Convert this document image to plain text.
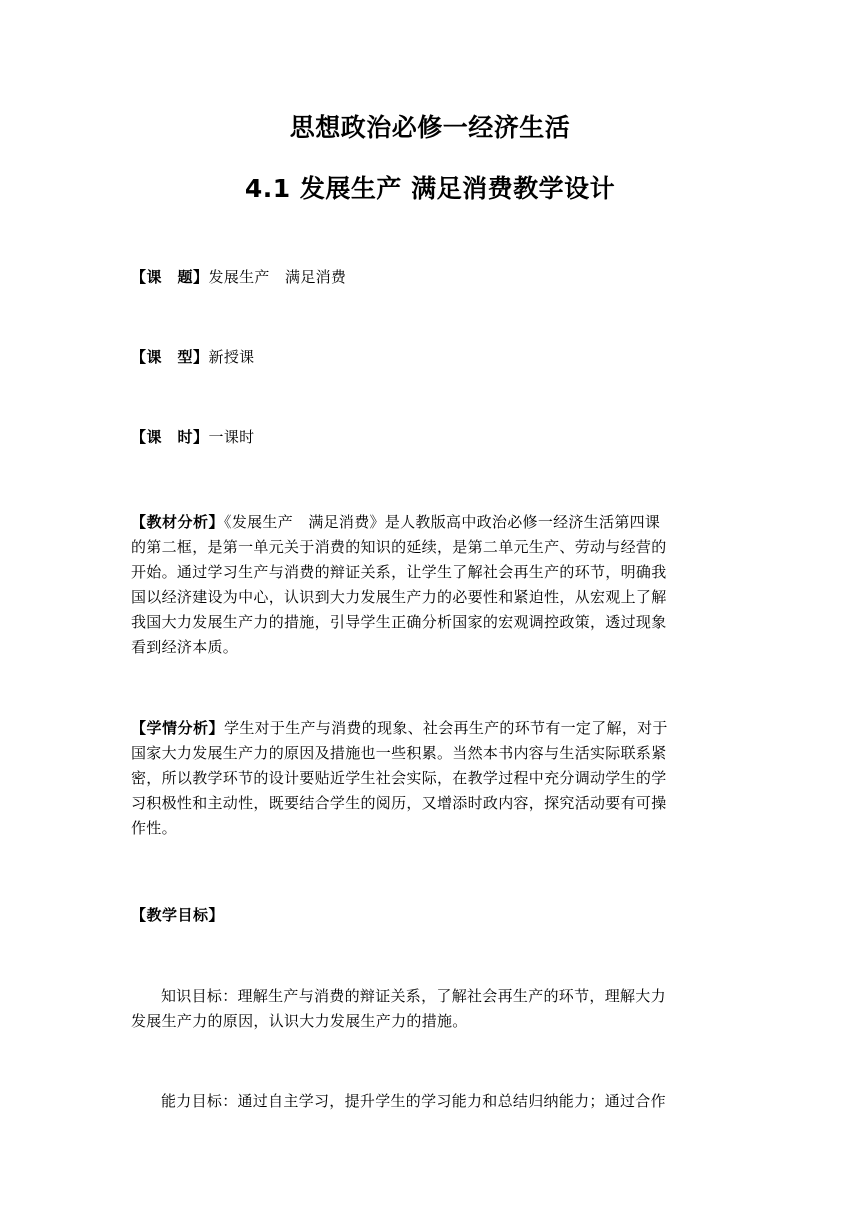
思想政治必修一经济生活
4.1 发展生产 满足消费教学设计
【课　题】发展生产　满足消费
【课　型】新授课
【课　时】一课时
【教材分析】《发展生产　满足消费》是人教版高中政治必修一经济生活第四课
的第二框，是第一单元关于消费的知识的延续，是第二单元生产、劳动与经营的
开始。通过学习生产与消费的辩证关系，让学生了解社会再生产的环节，明确我
国以经济建设为中心，认识到大力发展生产力的必要性和紧迫性，从宏观上了解
我国大力发展生产力的措施，引导学生正确分析国家的宏观调控政策，透过现象
看到经济本质。
【学情分析】学生对于生产与消费的现象、社会再生产的环节有一定了解，对于
国家大力发展生产力的原因及措施也一些积累。当然本书内容与生活实际联系紧
密，所以教学环节的设计要贴近学生社会实际，在教学过程中充分调动学生的学
习积极性和主动性，既要结合学生的阅历，又增添时政内容，探究活动要有可操
作性。
【教学目标】
知识目标：理解生产与消费的辩证关系，了解社会再生产的环节，理解大力
发展生产力的原因，认识大力发展生产力的措施。
能力目标：通过自主学习，提升学生的学习能力和总结归纳能力；通过合作
